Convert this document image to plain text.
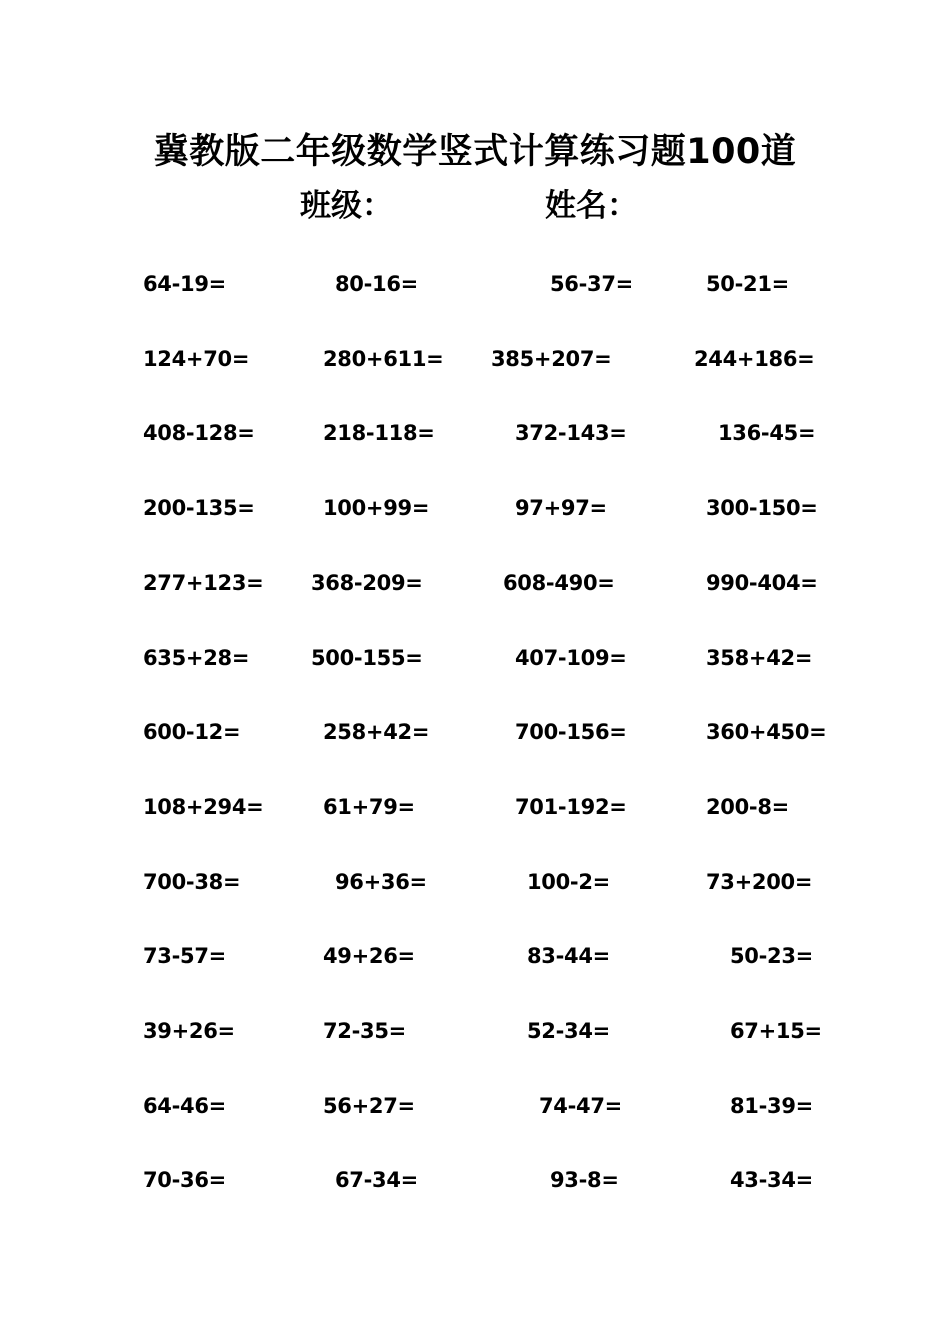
冀教版二年级数学竖式计算练习题100道
班级：	姓名：
64-19=	80-16=	56-37=	50-21=
124+70=	280+611= 385+207=	244+186=
408-128=	218-118=	372-143=	136-45=
200-135=	100+99=	97+97=	300-150=
277+123= 368-209=	608-490=	990-404=
635+28=	500-155=	407-109=	358+42=
600-12=	258+42=	700-156=	360+450=
108+294=	61+79=	701-192=	200-8=
700-38=	96+36=	100-2=	73+200=
73-57=	49+26=	83-44=	50-23=
39+26=	72-35=	52-34=	67+15=
64-46=	56+27=	74-47=	81-39=
70-36=	67-34=	93-8=	43-34=
